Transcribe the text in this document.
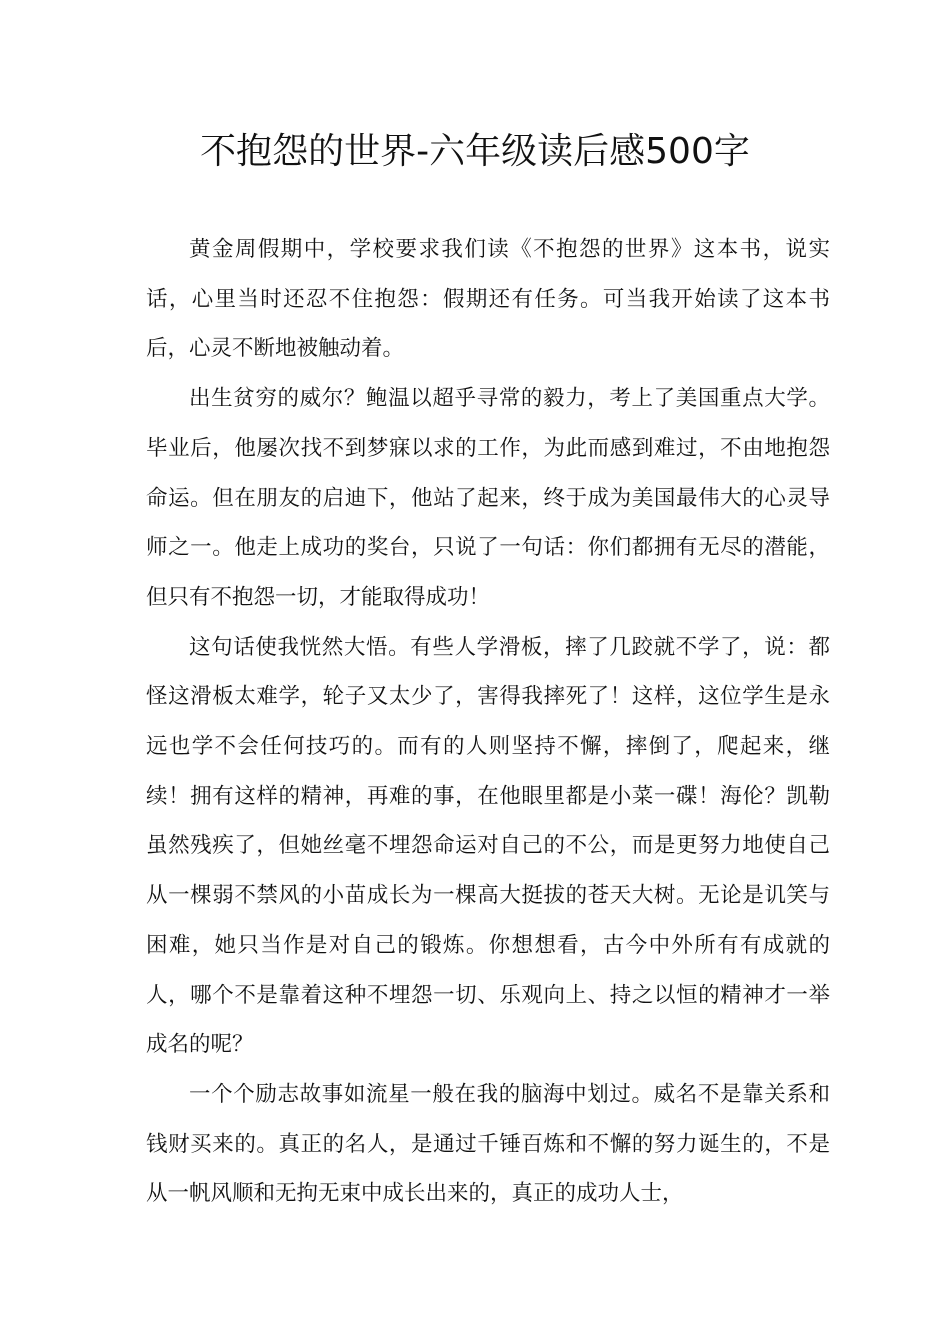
不抱怨的世界-六年级读后感500字

黄金周假期中，学校要求我们读《不抱怨的世界》这本书，说实话，心里当时还忍不住抱怨：假期还有任务。可当我开始读了这本书后，心灵不断地被触动着。

出生贫穷的威尔？鲍温以超乎寻常的毅力，考上了美国重点大学。毕业后，他屡次找不到梦寐以求的工作，为此而感到难过，不由地抱怨命运。但在朋友的启迪下，他站了起来，终于成为美国最伟大的心灵导师之一。他走上成功的奖台，只说了一句话：你们都拥有无尽的潜能，但只有不抱怨一切，才能取得成功！

这句话使我恍然大悟。有些人学滑板，摔了几跤就不学了，说：都怪这滑板太难学，轮子又太少了，害得我摔死了！这样，这位学生是永远也学不会任何技巧的。而有的人则坚持不懈，摔倒了，爬起来，继续！拥有这样的精神，再难的事，在他眼里都是小菜一碟！海伦？凯勒虽然残疾了，但她丝毫不埋怨命运对自己的不公，而是更努力地使自己从一棵弱不禁风的小苗成长为一棵高大挺拔的苍天大树。无论是讥笑与困难，她只当作是对自己的锻炼。你想想看，古今中外所有有成就的人，哪个不是靠着这种不埋怨一切、乐观向上、持之以恒的精神才一举成名的呢？

一个个励志故事如流星一般在我的脑海中划过。威名不是靠关系和钱财买来的。真正的名人，是通过千锤百炼和不懈的努力诞生的，不是从一帆风顺和无拘无束中成长出来的，真正的成功人士，
